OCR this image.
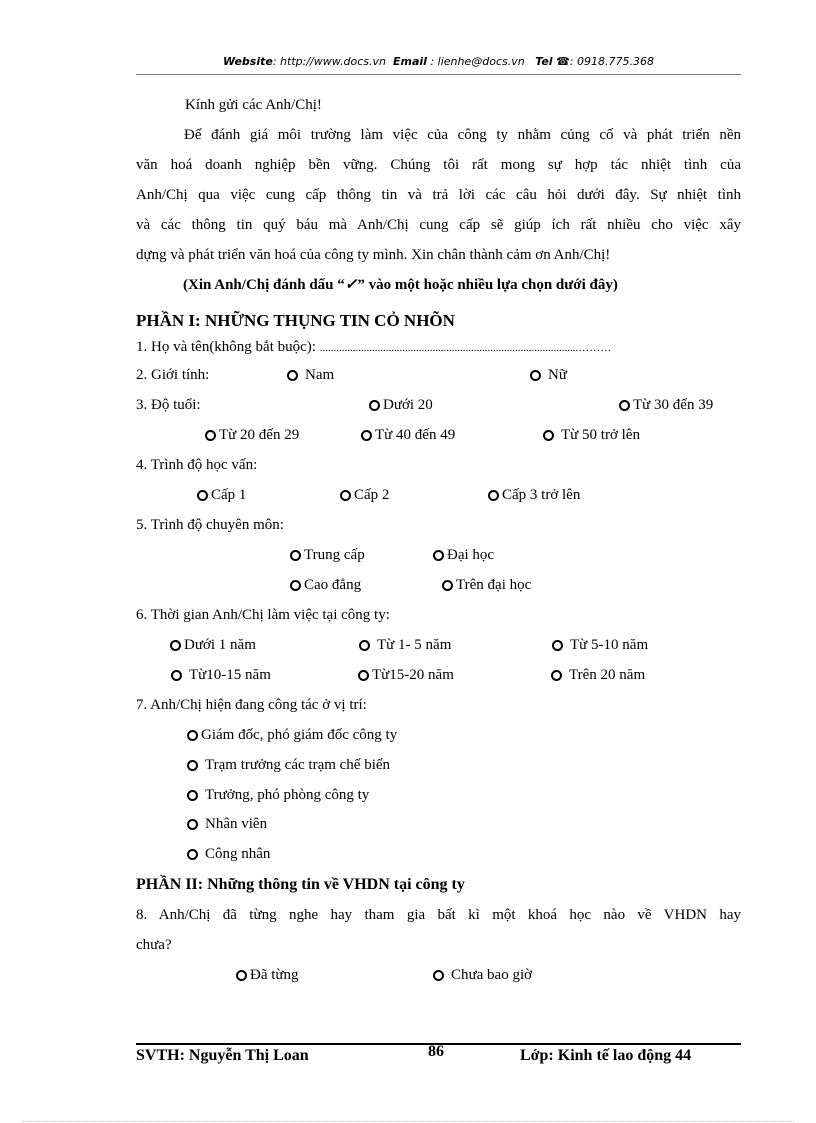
Website: http://www.docs.vn Email : lienhe@docs.vn Tel ☎: 0918.775.368
Kính gửi các Anh/Chị!
Để đánh giá môi trường làm việc của công ty nhằm củng cố và phát triển nền
văn hoá doanh nghiệp bền vững. Chúng tôi rất mong sự hợp tác nhiệt tình của
Anh/Chị qua việc cung cấp thông tin và trả lời các câu hỏi dưới đây. Sự nhiệt tình
và các thông tin quý báu mà Anh/Chị cung cấp sẽ giúp ích rất nhiều cho việc xây
dựng và phát triển văn hoá của công ty mình. Xin chân thành cảm ơn Anh/Chị!
(Xin Anh/Chị đánh dấu “✓” vào một hoặc nhiều lựa chọn dưới đây)
PHẦN I: NHỮNG THỤNG TIN CỎ NHÕN
1. Họ và tên(không bắt buộc): ..............................................................................................………
2. Giới tính:	Nam	Nữ
3. Độ tuổi:	Dưới 20	Từ 30 đến 39
Từ 20 đến 29	Từ 40 đến 49	Từ 50 trở lên
4. Trình độ học vấn:
Cấp 1	Cấp 2	Cấp 3 trở lên
5. Trình độ chuyên môn:
Trung cấp	Đại học
Cao đẳng	Trên đại học
6. Thời gian Anh/Chị làm việc tại công ty:
Dưới 1 năm	Từ 1- 5 năm	Từ 5-10 năm
Từ10-15 năm	Từ15-20 năm	Trên 20 năm
7. Anh/Chị hiện đang công tác ở vị trí:
Giám đốc, phó giám đốc công ty
Trạm trưởng các trạm chế biến
Trưởng, phó phòng công ty
Nhân viên
Công nhân
PHẦN II: Những thông tin về VHDN tại công ty
8. Anh/Chị đã từng nghe hay tham gia bất kì một khoá học nào về VHDN hay
chưa?
Đã từng	Chưa bao giờ
SVTH: Nguyễn Thị Loan	86	Lớp: Kinh tế lao động 44
